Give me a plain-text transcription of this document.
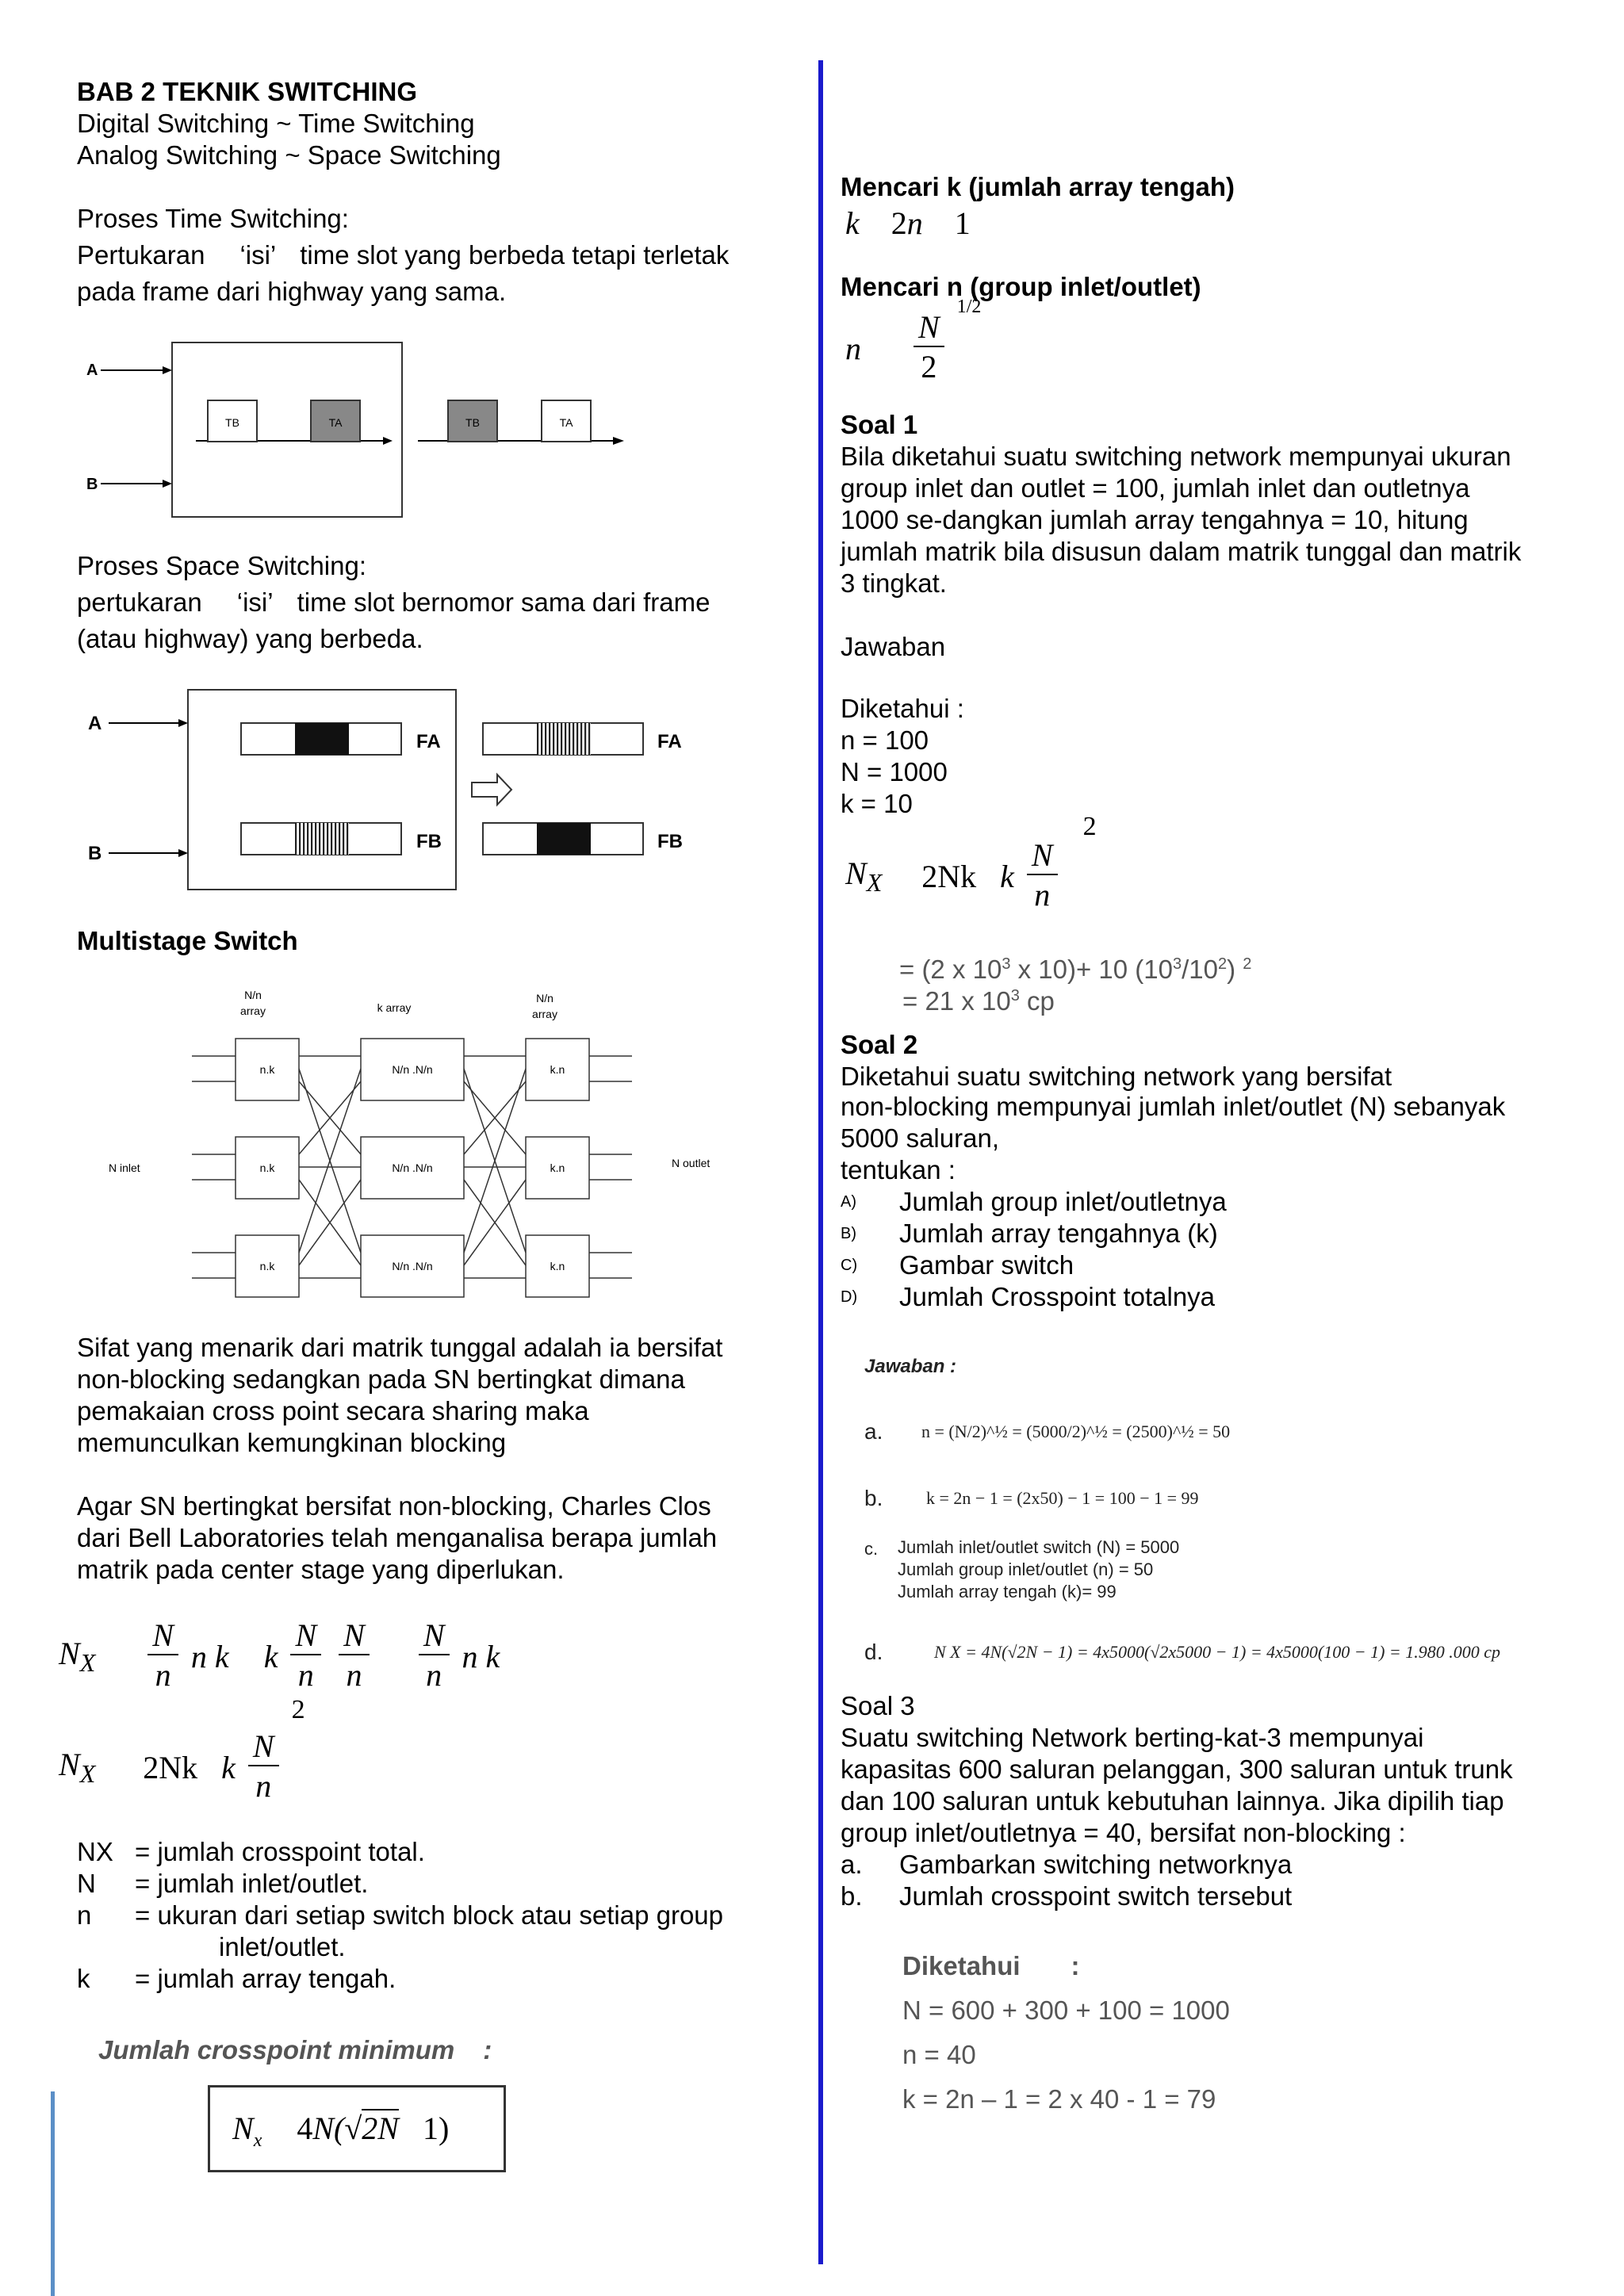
BAB 2 TEKNIK SWITCHING
Digital Switching ~ Time Switching
Analog Switching ~ Space Switching
Proses Time Switching:
Pertukaran ‘isi’ time slot yang berbeda tetapi terletak
pada frame dari highway yang sama.
A
B
TB	TA	TB	TA
Proses Space Switching:
pertukaran ‘isi’ time slot bernomor sama dari frame
(atau highway) yang berbeda.
A
B
FA
FB
FA
FB
Multistage Switch
N/n
array	k array
N/n
array
N inlet	N outlet
n.k
n.k
n.k
N/n .N/n
N/n .N/n
N/n .N/n
k.n
k.n
k.n
Sifat yang menarik dari matrik tunggal adalah ia bersifat
non-blocking sedangkan pada SN bertingkat dimana
pemakaian cross point secara sharing maka
memunculkan kemungkinan blocking
Agar SN bertingkat bersifat non-blocking, Charles Clos
dari Bell Laboratories telah menganalisa berapa jumlah
matrik pada center stage yang diperlukan.
$N_X \frac{N}{n}$ n k k $\frac{N}{n} \frac{N}{n} \frac{N}{n}$ n k
$N_X$ 2Nk k $\frac{N}{n}$
2
NX = jumlah crosspoint total.
N = jumlah inlet/outlet.
n = ukuran dari setiap switch block atau setiap group
inlet/outlet.
k = jumlah array tengah.
Jumlah crosspoint minimum :
$N_x$ 4N(√2N 1)
Mencari k (jumlah array tengah)
k 2n 1
Mencari n (group inlet/outlet)
n $\frac{N}{2}$
1/2
Soal 1
Bila diketahui suatu switching network mempunyai ukuran
group inlet dan outlet = 100, jumlah inlet dan outletnya
1000 se-dangkan jumlah array tengahnya = 10, hitung
jumlah matrik bila disusun dalam matrik tunggal dan matrik
3 tingkat.
Jawaban
Diketahui :
n = 100
N = 1000
k = 10
$N_X$ 2Nk k $\frac{N}{n}$
2
= (2 x $10^3$ x 10)+ 10 $(10^3/10^2)$ $^2$
= 21 x $10^3$ cp
Soal 2
Diketahui suatu switching network yang bersifat
non-blocking mempunyai jumlah inlet/outlet (N) sebanyak
5000 saluran,
tentukan :
A) Jumlah group inlet/outletnya
B) Jumlah array tengahnya (k)
C) Gambar switch
D) Jumlah Crosspoint totalnya
Jawaban :
a. n = (N/2)^½ = (5000/2)^½ = (2500)^½ = 50
b. k = 2n − 1 = (2x50) − 1 = 100 − 1 = 99
c. Jumlah inlet/outlet switch (N) = 5000
Jumlah group inlet/outlet (n) = 50
Jumlah array tengah (k)= 99
d.	N X = 4N(√2N − 1) = 4x5000(√2x5000 − 1) = 4x5000(100 − 1) = 1.980 .000 cp
Soal 3
Suatu switching Network berting-kat-3 mempunyai
kapasitas 600 saluran pelanggan, 300 saluran untuk trunk
dan 100 saluran untuk kebutuhan lainnya. Jika dipilih tiap
group inlet/outletnya = 40, bersifat non-blocking :
a. Gambarkan switching networknya
b. Jumlah crosspoint switch tersebut
Diketahui :
N = 600 + 300 + 100 = 1000
n = 40
k = 2n – 1 = 2 x 40 - 1 = 79
